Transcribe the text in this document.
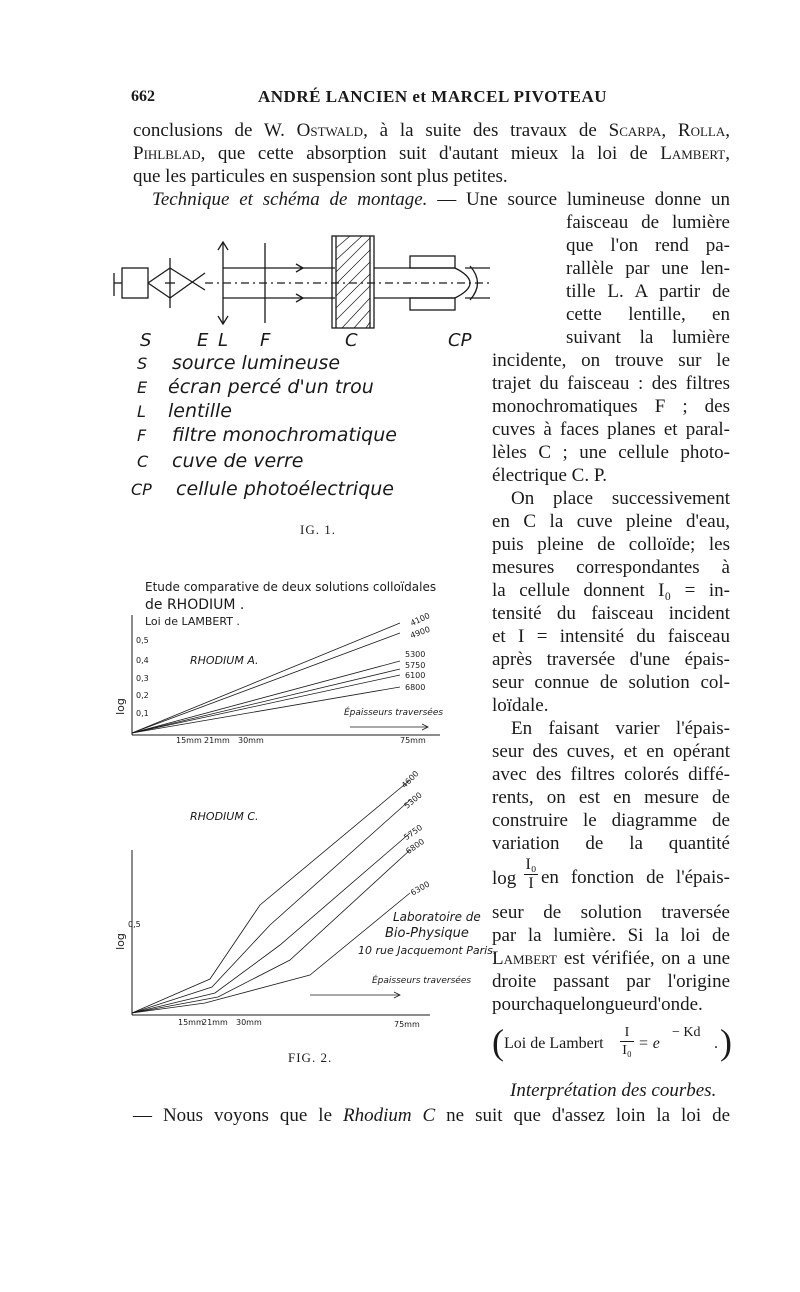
662	ANDRÉ LANCIEN et MARCEL PIVOTEAU
conclusions de W. Ostwald, à la suite des travaux de Scarpa, Rolla,
Pihlblad, que cette absorption suit d'autant mieux la loi de Lambert,
que les particules en suspension sont plus petites.
Technique et schéma de montage. — Une source lumineuse donne un
faisceau de lumière
que l'on rend pa-
rallèle par une len-
tille L. A partir de
cette lentille, en
suivant la lumière
incidente, on trouve sur le
trajet du faisceau : des filtres
monochromatiques F ; des
cuves à faces planes et paral-
lèles C ; une cellule photo-
électrique C. P.
On place successivement
en C la cuve pleine d'eau,
puis pleine de colloïde; les
mesures correspondantes à
la cellule donnent I₀ = in-
tensité du faisceau incident
et I = intensité du faisceau
après traversée d'une épais-
seur connue de solution col-
loïdale.
En faisant varier l'épais-
seur des cuves, et en opérant
avec des filtres colorés diffé-
rents, on est en mesure de
construire le diagramme de
variation de la quantité
log
I₀
I en fonction de l'épais-
seur de solution traversée
par la lumière. Si la loi de
Lambert est vérifiée, on a une
droite passant par l'origine
pourchaquelongueurd'onde.
( Loi de Lambert
I
I₀ = e
− Kd
. )
Interprétation des courbes.
— Nous voyons que le Rhodium C ne suit que d'assez loin la loi de
S	E L F	C	CP
S source lumineuse
E écran percé d'un trou
L lentille
F filtre monochromatique
C cuve de verre
CP cellule photoélectrique
IG. 1.
Etude comparative de deux solutions colloïdales
de RHODIUM .
Loi de LAMBERT .
RHODIUM A.
RHODIUM C.
0,5
0,4
0,3
0,2
0,1
log
4100
4900
5300
5750
6100
6800
Épaisseurs traversées
15mm 21mm 30mm	75mm
4600
5300
5750
6800
6300
0,5
log
Laboratoire de
Bio-Physique
10 rue Jacquemont Paris.
Épaisseurs traversées
15mm
21mm 30mm	75mm
FIG. 2.
